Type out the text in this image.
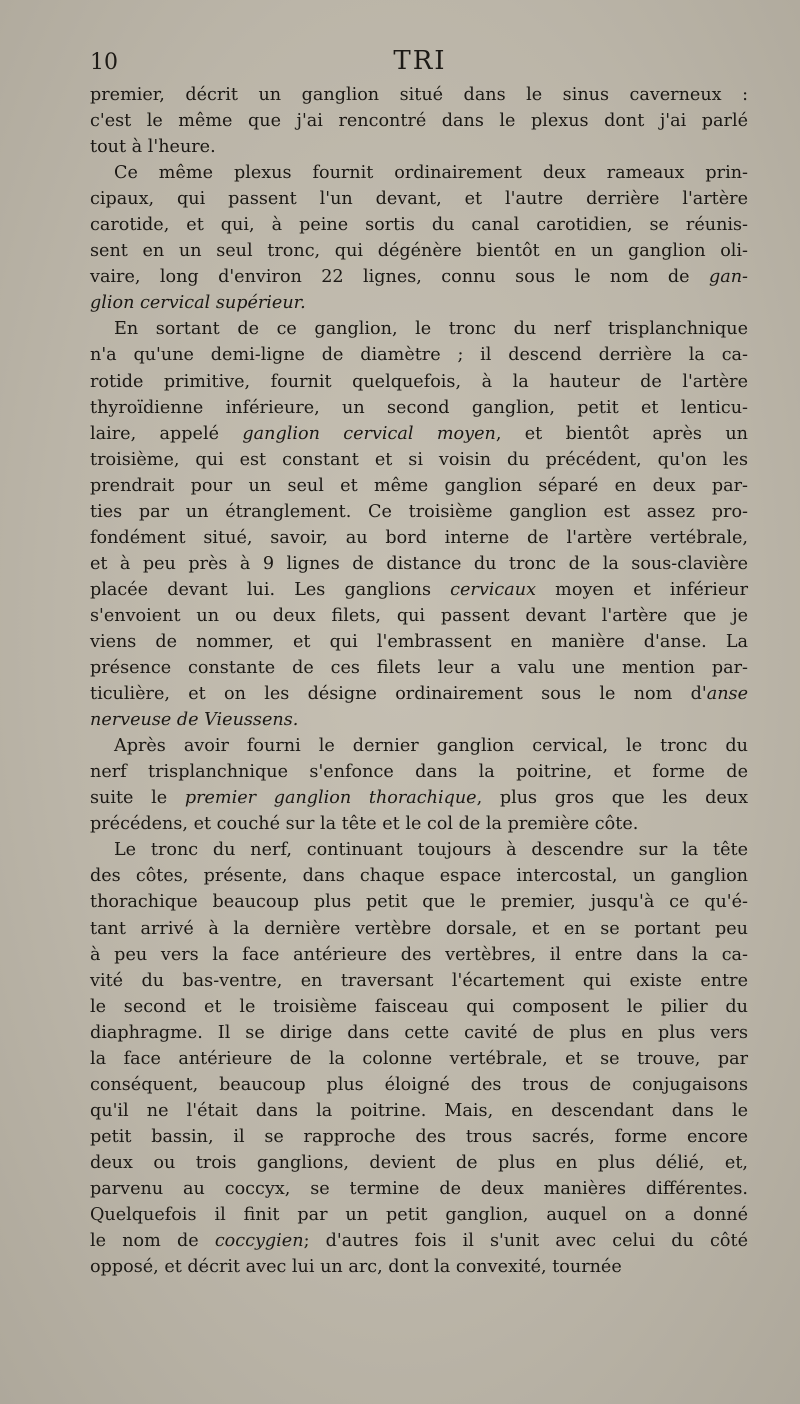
10	TRI
premier, décrit un ganglion situé dans le sinus caverneux :
c'est le même que j'ai rencontré dans le plexus dont j'ai parlé
tout à l'heure.
Ce même plexus fournit ordinairement deux rameaux prin-
cipaux, qui passent l'un devant, et l'autre derrière l'artère
carotide, et qui, à peine sortis du canal carotidien, se réunis-
sent en un seul tronc, qui dégénère bientôt en un ganglion oli-
vaire, long d'environ 22 lignes, connu sous le nom de gan-
glion cervical supérieur.
En sortant de ce ganglion, le tronc du nerf trisplanchnique
n'a qu'une demi-ligne de diamètre ; il descend derrière la ca-
rotide primitive, fournit quelquefois, à la hauteur de l'artère
thyroïdienne inférieure, un second ganglion, petit et lenticu-
laire, appelé ganglion cervical moyen, et bientôt après un
troisième, qui est constant et si voisin du précédent, qu'on les
prendrait pour un seul et même ganglion séparé en deux par-
ties par un étranglement. Ce troisième ganglion est assez pro-
fondément situé, savoir, au bord interne de l'artère vertébrale,
et à peu près à 9 lignes de distance du tronc de la sous-clavière
placée devant lui. Les ganglions cervicaux moyen et inférieur
s'envoient un ou deux filets, qui passent devant l'artère que je
viens de nommer, et qui l'embrassent en manière d'anse. La
présence constante de ces filets leur a valu une mention par-
ticulière, et on les désigne ordinairement sous le nom d'anse
nerveuse de Vieussens.
Après avoir fourni le dernier ganglion cervical, le tronc du
nerf trisplanchnique s'enfonce dans la poitrine, et forme de
suite le premier ganglion thorachique, plus gros que les deux
précédens, et couché sur la tête et le col de la première côte.
Le tronc du nerf, continuant toujours à descendre sur la tête
des côtes, présente, dans chaque espace intercostal, un ganglion
thorachique beaucoup plus petit que le premier, jusqu'à ce qu'é-
tant arrivé à la dernière vertèbre dorsale, et en se portant peu
à peu vers la face antérieure des vertèbres, il entre dans la ca-
vité du bas-ventre, en traversant l'écartement qui existe entre
le second et le troisième faisceau qui composent le pilier du
diaphragme. Il se dirige dans cette cavité de plus en plus vers
la face antérieure de la colonne vertébrale, et se trouve, par
conséquent, beaucoup plus éloigné des trous de conjugaisons
qu'il ne l'était dans la poitrine. Mais, en descendant dans le
petit bassin, il se rapproche des trous sacrés, forme encore
deux ou trois ganglions, devient de plus en plus délié, et,
parvenu au coccyx, se termine de deux manières différentes.
Quelquefois il finit par un petit ganglion, auquel on a donné
le nom de coccygien; d'autres fois il s'unit avec celui du côté
opposé, et décrit avec lui un arc, dont la convexité, tournée
